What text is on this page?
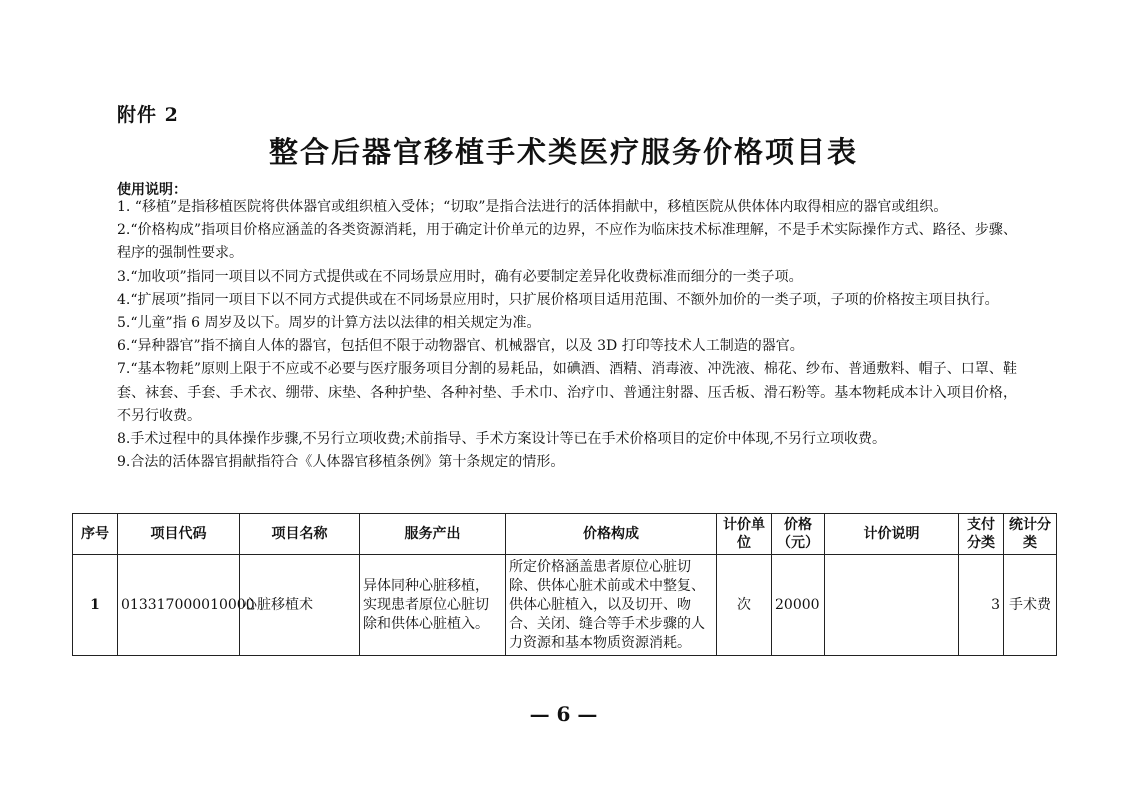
附件 2
整合后器官移植手术类医疗服务价格项目表
使用说明：

1. “移植”是指移植医院将供体器官或组织植入受体；“切取”是指合法进行的活体捐献中，移植医院从供体体内取得相应的器官或组织。

2.“价格构成”指项目价格应涵盖的各类资源消耗，用于确定计价单元的边界，不应作为临床技术标准理解，不是手术实际操作方式、路径、步骤、程序的强制性要求。

3.“加收项”指同一项目以不同方式提供或在不同场景应用时，确有必要制定差异化收费标准而细分的一类子项。

4.“扩展项”指同一项目下以不同方式提供或在不同场景应用时，只扩展价格项目适用范围、不额外加价的一类子项，子项的价格按主项目执行。

5.“儿童”指 6 周岁及以下。周岁的计算方法以法律的相关规定为准。

6.“异种器官”指不摘自人体的器官，包括但不限于动物器官、机械器官，以及 3D 打印等技术人工制造的器官。

7.“基本物耗”原则上限于不应或不必要与医疗服务项目分割的易耗品，如碘酒、酒精、消毒液、冲洗液、棉花、纱布、普通敷料、帽子、口罩、鞋套、袜套、手套、手术衣、绷带、床垫、各种护垫、各种衬垫、手术巾、治疗巾、普通注射器、压舌板、滑石粉等。基本物耗成本计入项目价格，不另行收费。

8.手术过程中的具体操作步骤,不另行立项收费;术前指导、手术方案设计等已在手术价格项目的定价中体现,不另行立项收费。

9.合法的活体器官捐献指符合《人体器官移植条例》第十条规定的情形。

序号	项目代码	项目名称	服务产出	价格构成	计价单位	价格（元）	计价说明	支付分类	统计分类
1	013317000010000	心脏移植术	异体同种心脏移植，实现患者原位心脏切除和供体心脏植入。	所定价格涵盖患者原位心脏切除、供体心脏术前或术中整复、供体心脏植入，以及切开、吻合、关闭、缝合等手术步骤的人力资源和基本物质资源消耗。	次	20000		3	手术费
— 6 —
